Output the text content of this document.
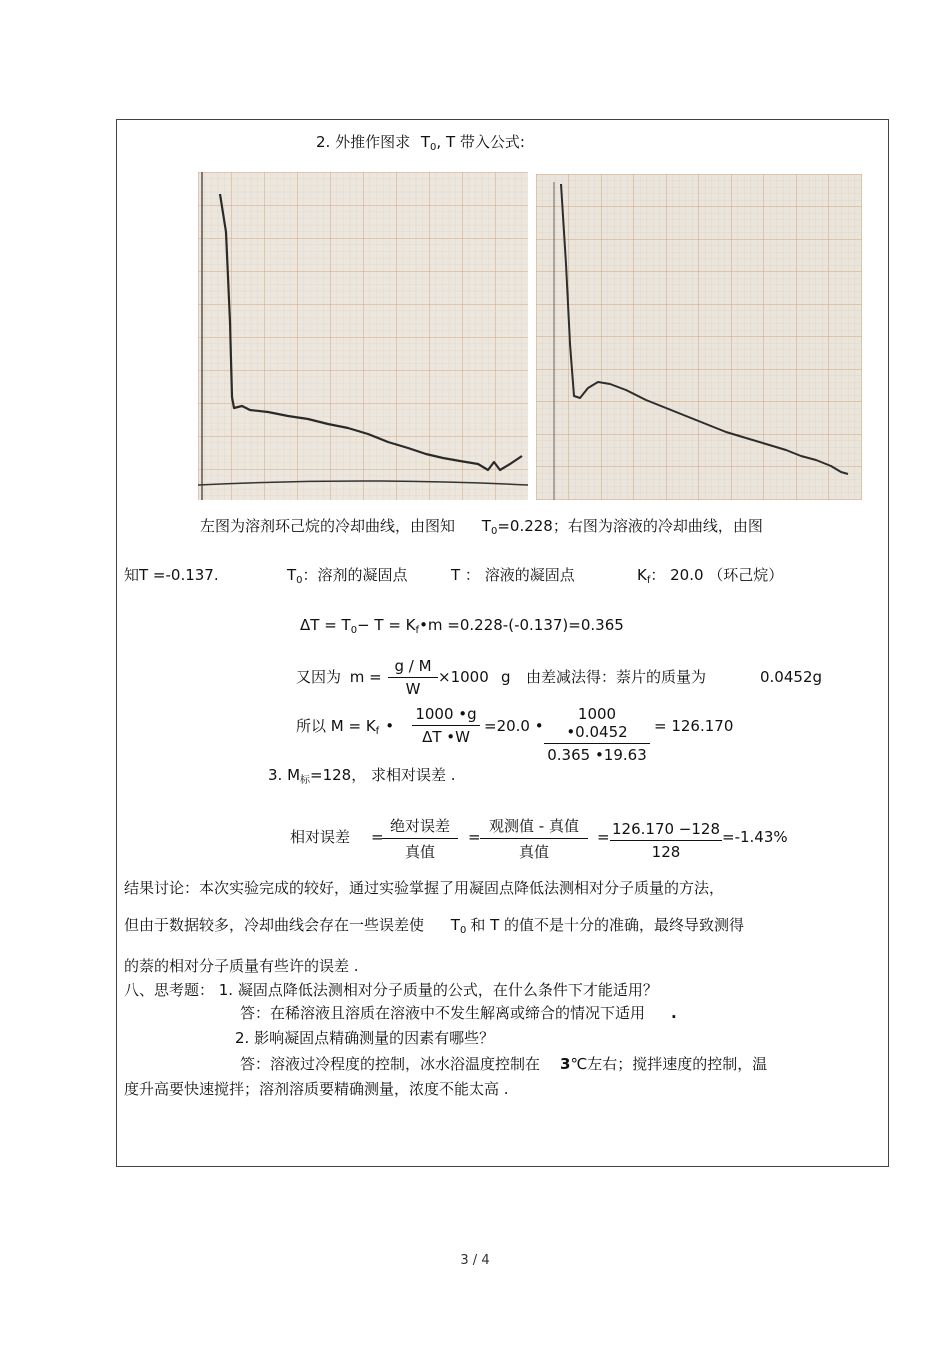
2. 外推作图求 $T_0$, T 带入公式:
左图为溶剂环己烷的冷却曲线，由图知 $T_0=0.228$；右图为溶液的冷却曲线，由图
知T =-0.137.	$T_0$：溶剂的凝固点	T ： 溶液的凝固点	$K_f$： 20.0 （环己烷）
$\Delta T = T_0- T$ = $K_f•m =0.228-(-0.137)=0.365$
又因为 m =
g / M
W
×1000 g 由差减法得：萘片的质量为	0.0452g
所以 $M = K_f$ •
1000 •g
ΔT •W
=20.0 •
1000 •0.0452
0.365 •19.63
= 126.170
3. $M_标=128$， 求相对误差 .
相对误差 =
绝对误差
真值
=
观测值 - 真值
真值
= 126.170 −128
128
=-1.43%
结果讨论：本次实验完成的较好，通过实验掌握了用凝固点降低法测相对分子质量的方法，
但由于数据较多，冷却曲线会存在一些误差使 $T_0$ 和 T 的值不是十分的准确，最终导致测得
的萘的相对分子质量有些许的误差 .
八、思考题： 1. 凝固点降低法测相对分子质量的公式，在什么条件下才能适用？
答：在稀溶液且溶质在溶液中不发生解离或缔合的情况下适用 .
2. 影响凝固点精确测量的因素有哪些？
答：溶液过冷程度的控制，冰水浴温度控制在 3℃左右；搅拌速度的控制，温
度升高要快速搅拌；溶剂溶质要精确测量，浓度不能太高 .
3 / 4
